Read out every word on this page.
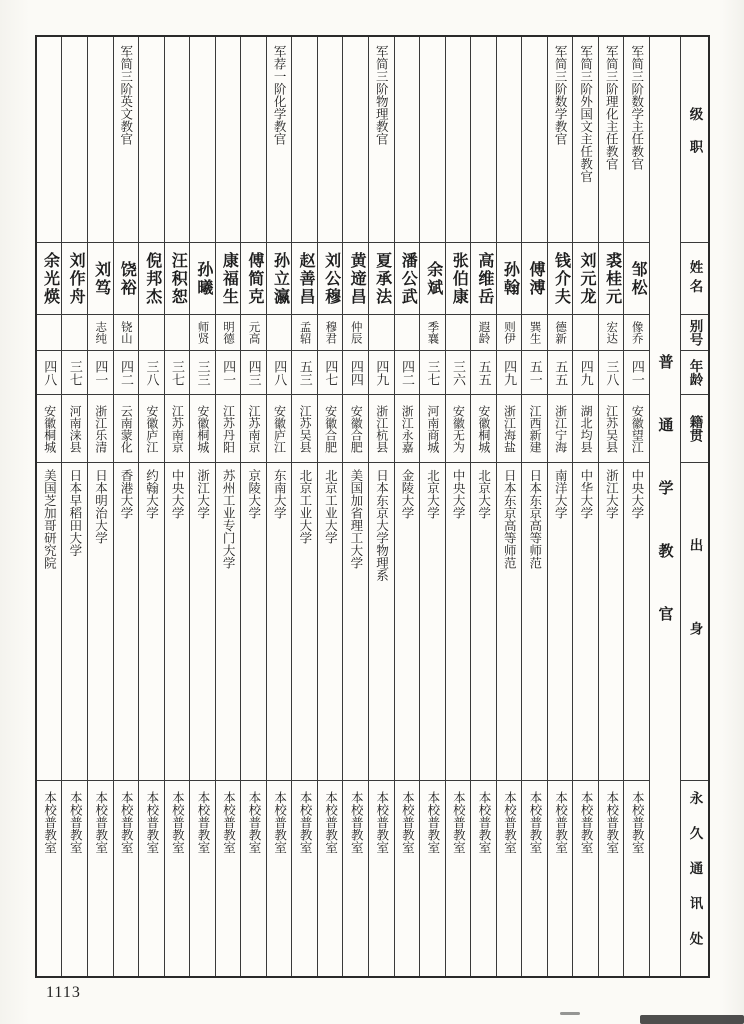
级职
姓名
别号
年龄
籍贯
出身
永久通讯处
普通学教官
军简三阶数学主任教官
邹松
像乔
四一
安徽望江
中央大学
本校普教室
军简三阶理化主任教官
裘桂元
宏达
三八
江苏吴县
浙江大学
本校普教室
军简三阶外国文主任教官
刘元龙
四九
湖北均县
中华大学
本校普教室
军简三阶数学教官
钱介夫
德新
五五
浙江宁海
南洋大学
本校普教室
傅溥
巽生
五一
江西新建
日本东京高等师范
本校普教室
孙翰
则伊
四九
浙江海盐
日本东京高等师范
本校普教室
高维岳
遐龄
五五
安徽桐城
北京大学
本校普教室
张伯康
三六
安徽无为
中央大学
本校普教室
余斌
季襄
三七
河南商城
北京大学
本校普教室
潘公武
四二
浙江永嘉
金陵大学
本校普教室
军简三阶物理教官
夏承法
四九
浙江杭县
日本东京大学物理系
本校普教室
黄遆昌
仲辰
四四
安徽合肥
美国加省理工大学
本校普教室
刘公穆
穆君
四七
安徽合肥
北京工业大学
本校普教室
赵善昌
孟轺
五三
江苏吴县
北京工业大学
本校普教室
军荐一阶化学教官
孙立瀛
四八
安徽庐江
东南大学
本校普教室
傅简克
元高
四三
江苏南京
京陵大学
本校普教室
康福生
明德
四一
江苏丹阳
苏州工业专门大学
本校普教室
孙曦
师贤
三三
安徽桐城
浙江大学
本校普教室
汪积恕
三七
江苏南京
中央大学
本校普教室
倪邦杰
三八
安徽庐江
约翰大学
本校普教室
军简三阶英文教官
饶裕
铙山
四二
云南蒙化
香港大学
本校普教室
刘笃
志纯
四一
浙江乐清
日本明治大学
本校普教室
刘作舟
三七
河南涞县
日本早稻田大学
本校普教室
余光煐
四八
安徽桐城
美国芝加哥研究院
本校普教室
1113
